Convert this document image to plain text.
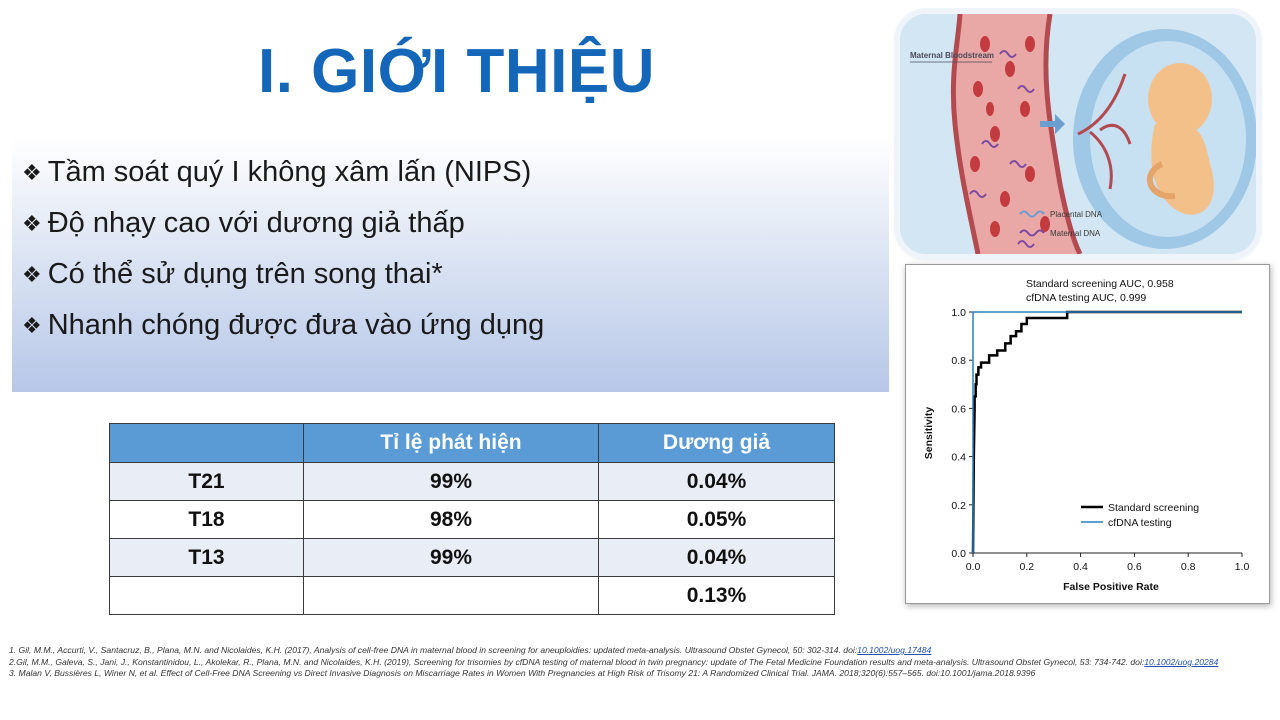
I. GIỚI THIỆU
❖ Tầm soát quý I không xâm lấn (NIPS)
❖ Độ nhạy cao với dương giả thấp
❖ Có thể sử dụng trên song thai*
❖ Nhanh chóng được đưa vào ứng dụng
	Tỉ lệ phát hiện	Dương giả
T21	99%	0.04%
T18	98%	0.05%
T13	99%	0.04%
		0.13%
Maternal Bloodstream
Placental DNA
Maternal DNA
0.0	0.2	0.4	0.6	0.8	1.0
0.0
0.2
0.4
0.6
0.8
1.0
Standard screening AUC, 0.958
cfDNA testing AUC, 0.999
False Positive Rate
Sensitivity
Standard screening
cfDNA testing
1. Gil, M.M., Accurti, V., Santacruz, B., Plana, M.N. and Nicolaides, K.H. (2017), Analysis of cell-free DNA in maternal blood in screening for aneuploidies: updated meta-analysis. Ultrasound Obstet Gynecol, 50: 302-314. doi:10.1002/uog.17484
2.Gil, M.M., Galeva, S., Jani, J., Konstantinidou, L., Akolekar, R., Plana, M.N. and Nicolaides, K.H. (2019), Screening for trisomies by cfDNA testing of maternal blood in twin pregnancy: update of The Fetal Medicine Foundation results and meta-analysis. Ultrasound Obstet Gynecol, 53: 734-742. doi:10.1002/uog.20284
3. Malan V, Bussières L, Winer N, et al. Effect of Cell-Free DNA Screening vs Direct Invasive Diagnosis on Miscarriage Rates in Women With Pregnancies at High Risk of Trisomy 21: A Randomized Clinical Trial. JAMA. 2018;320(6):557–565. doi:10.1001/jama.2018.9396
